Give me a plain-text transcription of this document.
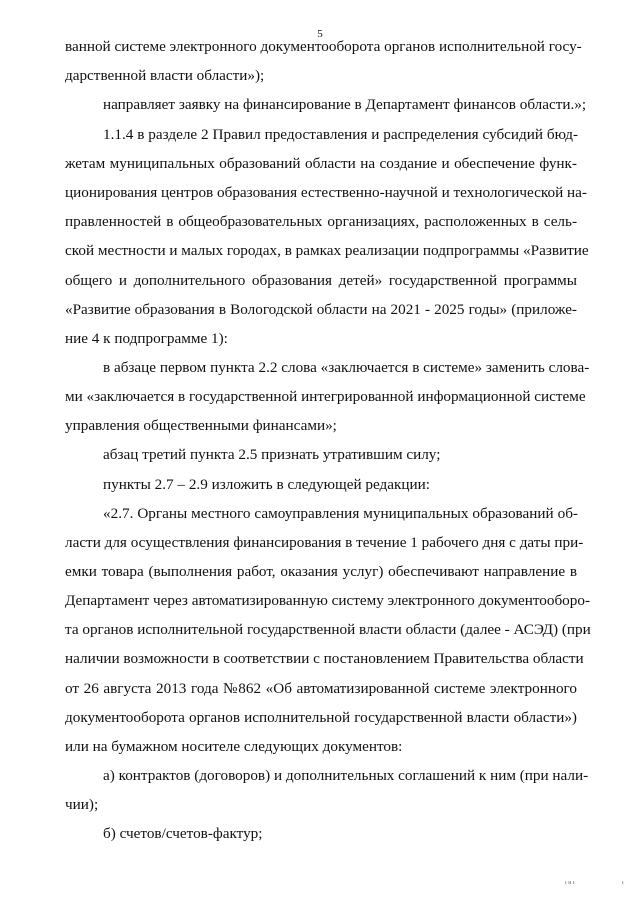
5
ванной системе электронного документооборота органов исполнительной госу-
дарственной власти области»);
направляет заявку на финансирование в Департамент финансов области.»;
1.1.4 в разделе 2 Правил предоставления и распределения субсидий бюд-
жетам муниципальных образований области на создание и обеспечение функ-
ционирования центров образования естественно-научной и технологической на-
правленностей в общеобразовательных организациях, расположенных в сель-
ской местности и малых городах, в рамках реализации подпрограммы «Развитие
общего и дополнительного образования детей» государственной программы
«Развитие образования в Вологодской области на 2021 - 2025 годы» (приложе-
ние 4 к подпрограмме 1):
в абзаце первом пункта 2.2 слова «заключается в системе» заменить слова-
ми «заключается в государственной интегрированной информационной системе
управления общественными финансами»;
абзац третий пункта 2.5 признать утратившим силу;
пункты 2.7 – 2.9 изложить в следующей редакции:
«2.7. Органы местного самоуправления муниципальных образований об-
ласти для осуществления финансирования в течение 1 рабочего дня с даты при-
емки товара (выполнения работ, оказания услуг) обеспечивают направление в
Департамент через автоматизированную систему электронного документооборо-
та органов исполнительной государственной власти области (далее - АСЭД) (при
наличии возможности в соответствии с постановлением Правительства области
от 26 августа 2013 года №862 «Об автоматизированной системе электронного
документооборота органов исполнительной государственной власти области»)
или на бумажном носителе следующих документов:
а) контрактов (договоров) и дополнительных соглашений к ним (при нали-
чии);
б) счетов/счетов-фактур;
ı ıı ı	ı
